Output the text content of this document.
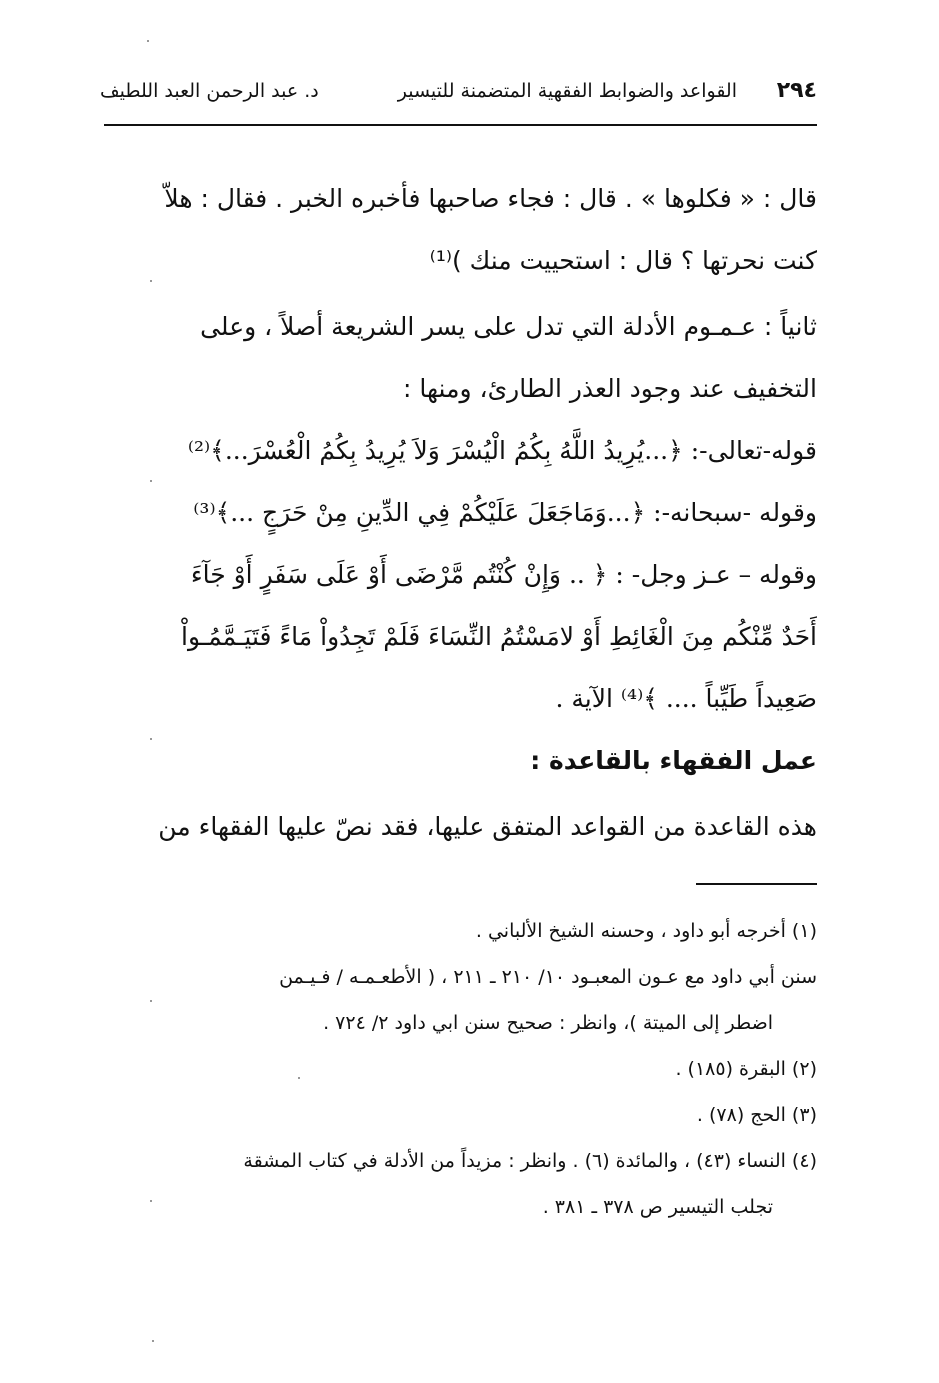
٢٩٤
القواعد والضوابط الفقهية المتضمنة للتيسير
د. عبد الرحمن العبد اللطيف
قال : « فكلوها » . قال : فجاء صاحبها فأخبره الخبر . فقال : هلاّ
كنت نحرتها ؟ قال : استحييت منك )⁽¹⁾
ثانياً : عـمـوم الأدلة التي تدل على يسر الشريعة أصلاً ، وعلى
التخفيف عند وجود العذر الطارئ، ومنها :
قوله-تعالى-: ﴿...يُرِيدُ اللَّهُ بِكُمُ الْيُسْرَ وَلاَ يُرِيدُ بِكُمُ الْعُسْرَ...﴾⁽²⁾
وقوله -سبحانه-: ﴿...وَمَاجَعَلَ عَلَيْكُمْ فِي الدِّينِ مِنْ حَرَجٍ ...﴾⁽³⁾
وقوله – عـز وجل- : ﴿ .. وَإِنْ كُنْتُم مَّرْضَى أَوْ عَلَى سَفَرٍ أَوْ جَآءَ
أَحَدٌ مِّنْكُم مِنَ الْغَائِطِ أَوْ لامَسْتُمُ النِّسَاءَ فَلَمْ تَجِدُواْ مَاءً فَتَيَـمَّمُـواْ
صَعِيداً طَيِّباً .... ﴾⁽⁴⁾ الآية .
عمل الفقهاء بالقاعدة :
هذه القاعدة من القواعد المتفق عليها، فقد نصّ عليها الفقهاء من
(١) أخرجه أبو داود ، وحسنه الشيخ الألباني .
سنن أبي داود مع عـون المعبـود ١٠/ ٢١٠ ـ ٢١١ ، ( الأطعـمـه / فـيـمن
اضطر إلى الميتة )، وانظر : صحيح سنن ابي داود ٢/ ٧٢٤ .
(٢) البقرة (١٨٥) .
(٣) الحج (٧٨) .
(٤) النساء (٤٣) ، والمائدة (٦) . وانظر : مزيداً من الأدلة في كتاب المشقة
تجلب التيسير ص ٣٧٨ ـ ٣٨١ .
